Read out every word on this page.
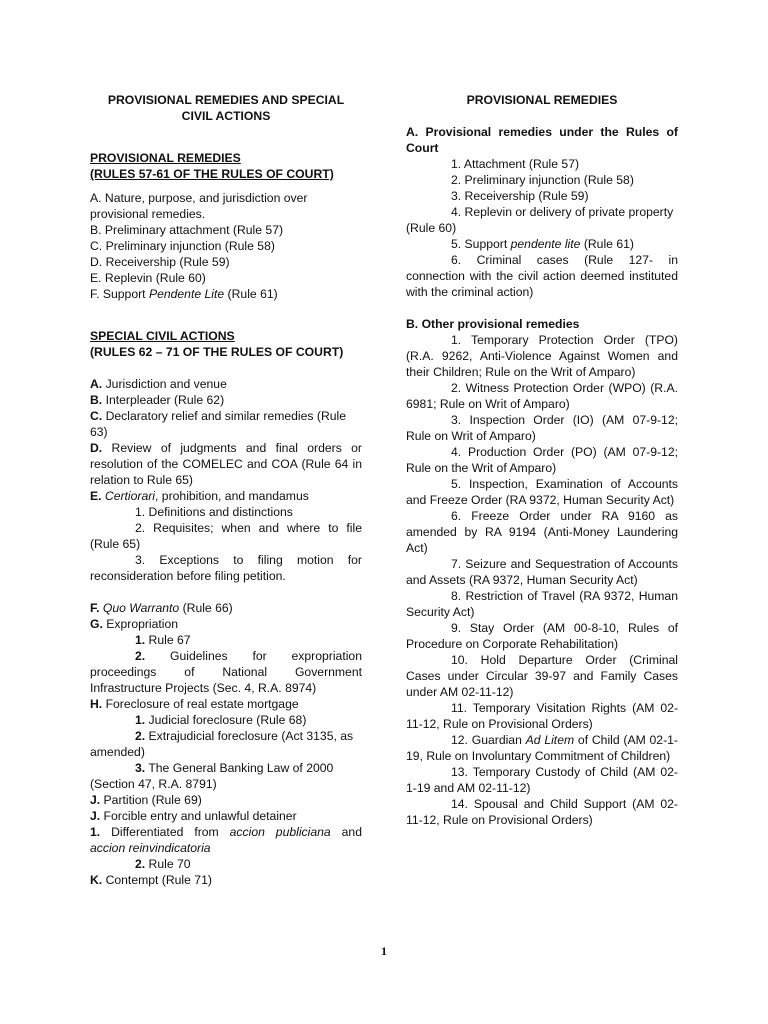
PROVISIONAL REMEDIES AND SPECIAL

CIVIL ACTIONS

PROVISIONAL REMEDIES

(RULES 57-61 OF THE RULES OF COURT)

A. Nature, purpose, and jurisdiction over provisional remedies.

B. Preliminary attachment (Rule 57)

C. Preliminary injunction (Rule 58)

D. Receivership (Rule 59)

E. Replevin (Rule 60)

F. Support Pendente Lite (Rule 61)

SPECIAL CIVIL ACTIONS

(RULES 62 – 71 OF THE RULES OF COURT)

A. Jurisdiction and venue

B. Interpleader (Rule 62)

C. Declaratory relief and similar remedies (Rule 63)

D. Review of judgments and final orders or resolution of the COMELEC and COA (Rule 64 in relation to Rule 65)

E. Certiorari, prohibition, and mandamus

1. Definitions and distinctions

2. Requisites; when and where to file (Rule 65)

3. Exceptions to filing motion for reconsideration before filing petition.

F. Quo Warranto (Rule 66)

G. Expropriation

1. Rule 67

2. Guidelines for expropriation proceedings of National Government Infrastructure Projects (Sec. 4, R.A. 8974)

H. Foreclosure of real estate mortgage

1. Judicial foreclosure (Rule 68)

2. Extrajudicial foreclosure (Act 3135, as amended)

3. The General Banking Law of 2000 (Section 47, R.A. 8791)

J. Partition (Rule 69)

J. Forcible entry and unlawful detainer

1. Differentiated from accion publiciana and accion reinvindicatoria

2. Rule 70

K. Contempt (Rule 71)

PROVISIONAL REMEDIES

A. Provisional remedies under the Rules of Court

1. Attachment (Rule 57)

2. Preliminary injunction (Rule 58)

3. Receivership (Rule 59)

4. Replevin or delivery of private property (Rule 60)

5. Support pendente lite (Rule 61)

6. Criminal cases (Rule 127- in connection with the civil action deemed instituted with the criminal action)

B. Other provisional remedies

1. Temporary Protection Order (TPO) (R.A. 9262, Anti-Violence Against Women and their Children; Rule on the Writ of Amparo)

2. Witness Protection Order (WPO) (R.A. 6981; Rule on Writ of Amparo)

3. Inspection Order (IO) (AM 07-9-12; Rule on Writ of Amparo)

4. Production Order (PO) (AM 07-9-12; Rule on the Writ of Amparo)

5. Inspection, Examination of Accounts and Freeze Order (RA 9372, Human Security Act)

6. Freeze Order under RA 9160 as amended by RA 9194 (Anti-Money Laundering Act)

7. Seizure and Sequestration of Accounts and Assets (RA 9372, Human Security Act)

8. Restriction of Travel (RA 9372, Human Security Act)

9. Stay Order (AM 00-8-10, Rules of Procedure on Corporate Rehabilitation)

10. Hold Departure Order (Criminal Cases under Circular 39-97 and Family Cases under AM 02-11-12)

11. Temporary Visitation Rights (AM 02-11-12, Rule on Provisional Orders)

12. Guardian Ad Litem of Child (AM 02-1-19, Rule on Involuntary Commitment of Children)

13. Temporary Custody of Child (AM 02-1-19 and AM 02-11-12)

14. Spousal and Child Support (AM 02-11-12, Rule on Provisional Orders)

1
